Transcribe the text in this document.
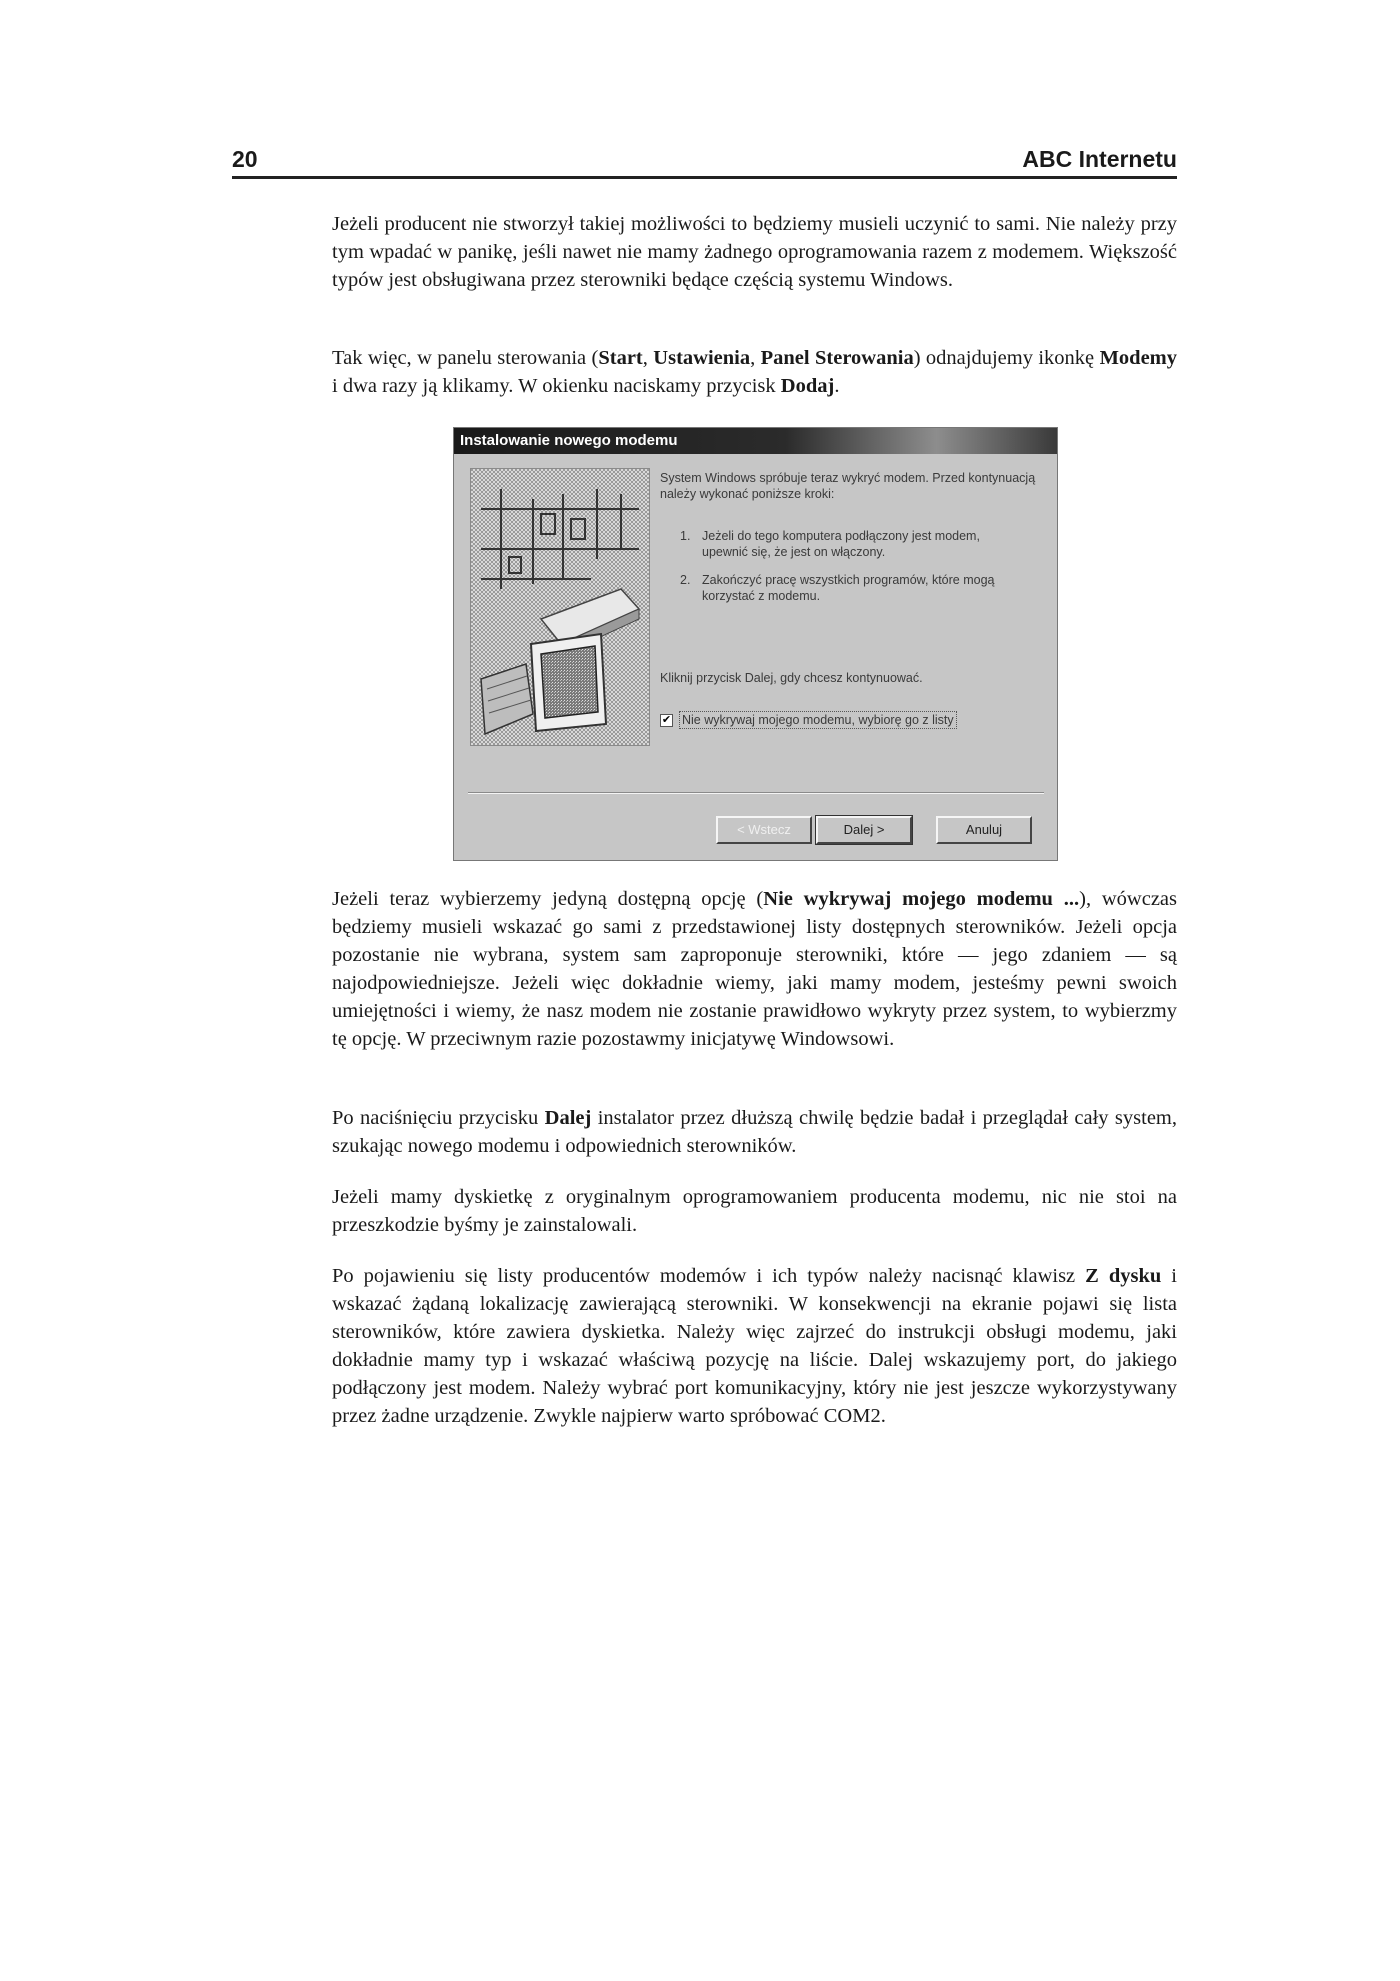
20	ABC Internetu

Jeżeli producent nie stworzył takiej możliwości to będziemy musieli uczynić to sami. Nie należy przy tym wpadać w panikę, jeśli nawet nie mamy żadnego oprogramowania razem z modemem. Większość typów jest obsługiwana przez sterowniki będące częścią systemu Windows.

Tak więc, w panelu sterowania (Start, Ustawienia, Panel Sterowania) odnajdujemy ikonkę Modemy i dwa razy ją klikamy. W okienku naciskamy przycisk Dodaj.

Instalowanie nowego modemu

System Windows spróbuje teraz wykryć modem. Przed kontynuacją należy wykonać poniższe kroki:

1. Jeżeli do tego komputera podłączony jest modem, upewnić się, że jest on włączony.
2. Zakończyć pracę wszystkich programów, które mogą korzystać z modemu.

Kliknij przycisk Dalej, gdy chcesz kontynuować.

✔ Nie wykrywaj mojego modemu, wybiorę go z listy
< Wstecz	Dalej >	Anuluj

Jeżeli teraz wybierzemy jedyną dostępną opcję (Nie wykrywaj mojego modemu ...), wówczas będziemy musieli wskazać go sami z przedstawionej listy dostępnych sterowników. Jeżeli opcja pozostanie nie wybrana, system sam zaproponuje sterowniki, które — jego zdaniem — są najodpowiedniejsze. Jeżeli więc dokładnie wiemy, jaki mamy modem, jesteśmy pewni swoich umiejętności i wiemy, że nasz modem nie zostanie prawidłowo wykryty przez system, to wybierzmy tę opcję. W przeciwnym razie pozostawmy inicjatywę Windowsowi.

Po naciśnięciu przycisku Dalej instalator przez dłuższą chwilę będzie badał i przeglądał cały system, szukając nowego modemu i odpowiednich sterowników.

Jeżeli mamy dyskietkę z oryginalnym oprogramowaniem producenta modemu, nic nie stoi na przeszkodzie byśmy je zainstalowali.

Po pojawieniu się listy producentów modemów i ich typów należy nacisnąć klawisz Z dysku i wskazać żądaną lokalizację zawierającą sterowniki. W konsekwencji na ekranie pojawi się lista sterowników, które zawiera dyskietka. Należy więc zajrzeć do instrukcji obsługi modemu, jaki dokładnie mamy typ i wskazać właściwą pozycję na liście. Dalej wskazujemy port, do jakiego podłączony jest modem. Należy wybrać port komunikacyjny, który nie jest jeszcze wykorzystywany przez żadne urządzenie. Zwykle najpierw warto spróbować COM2.
